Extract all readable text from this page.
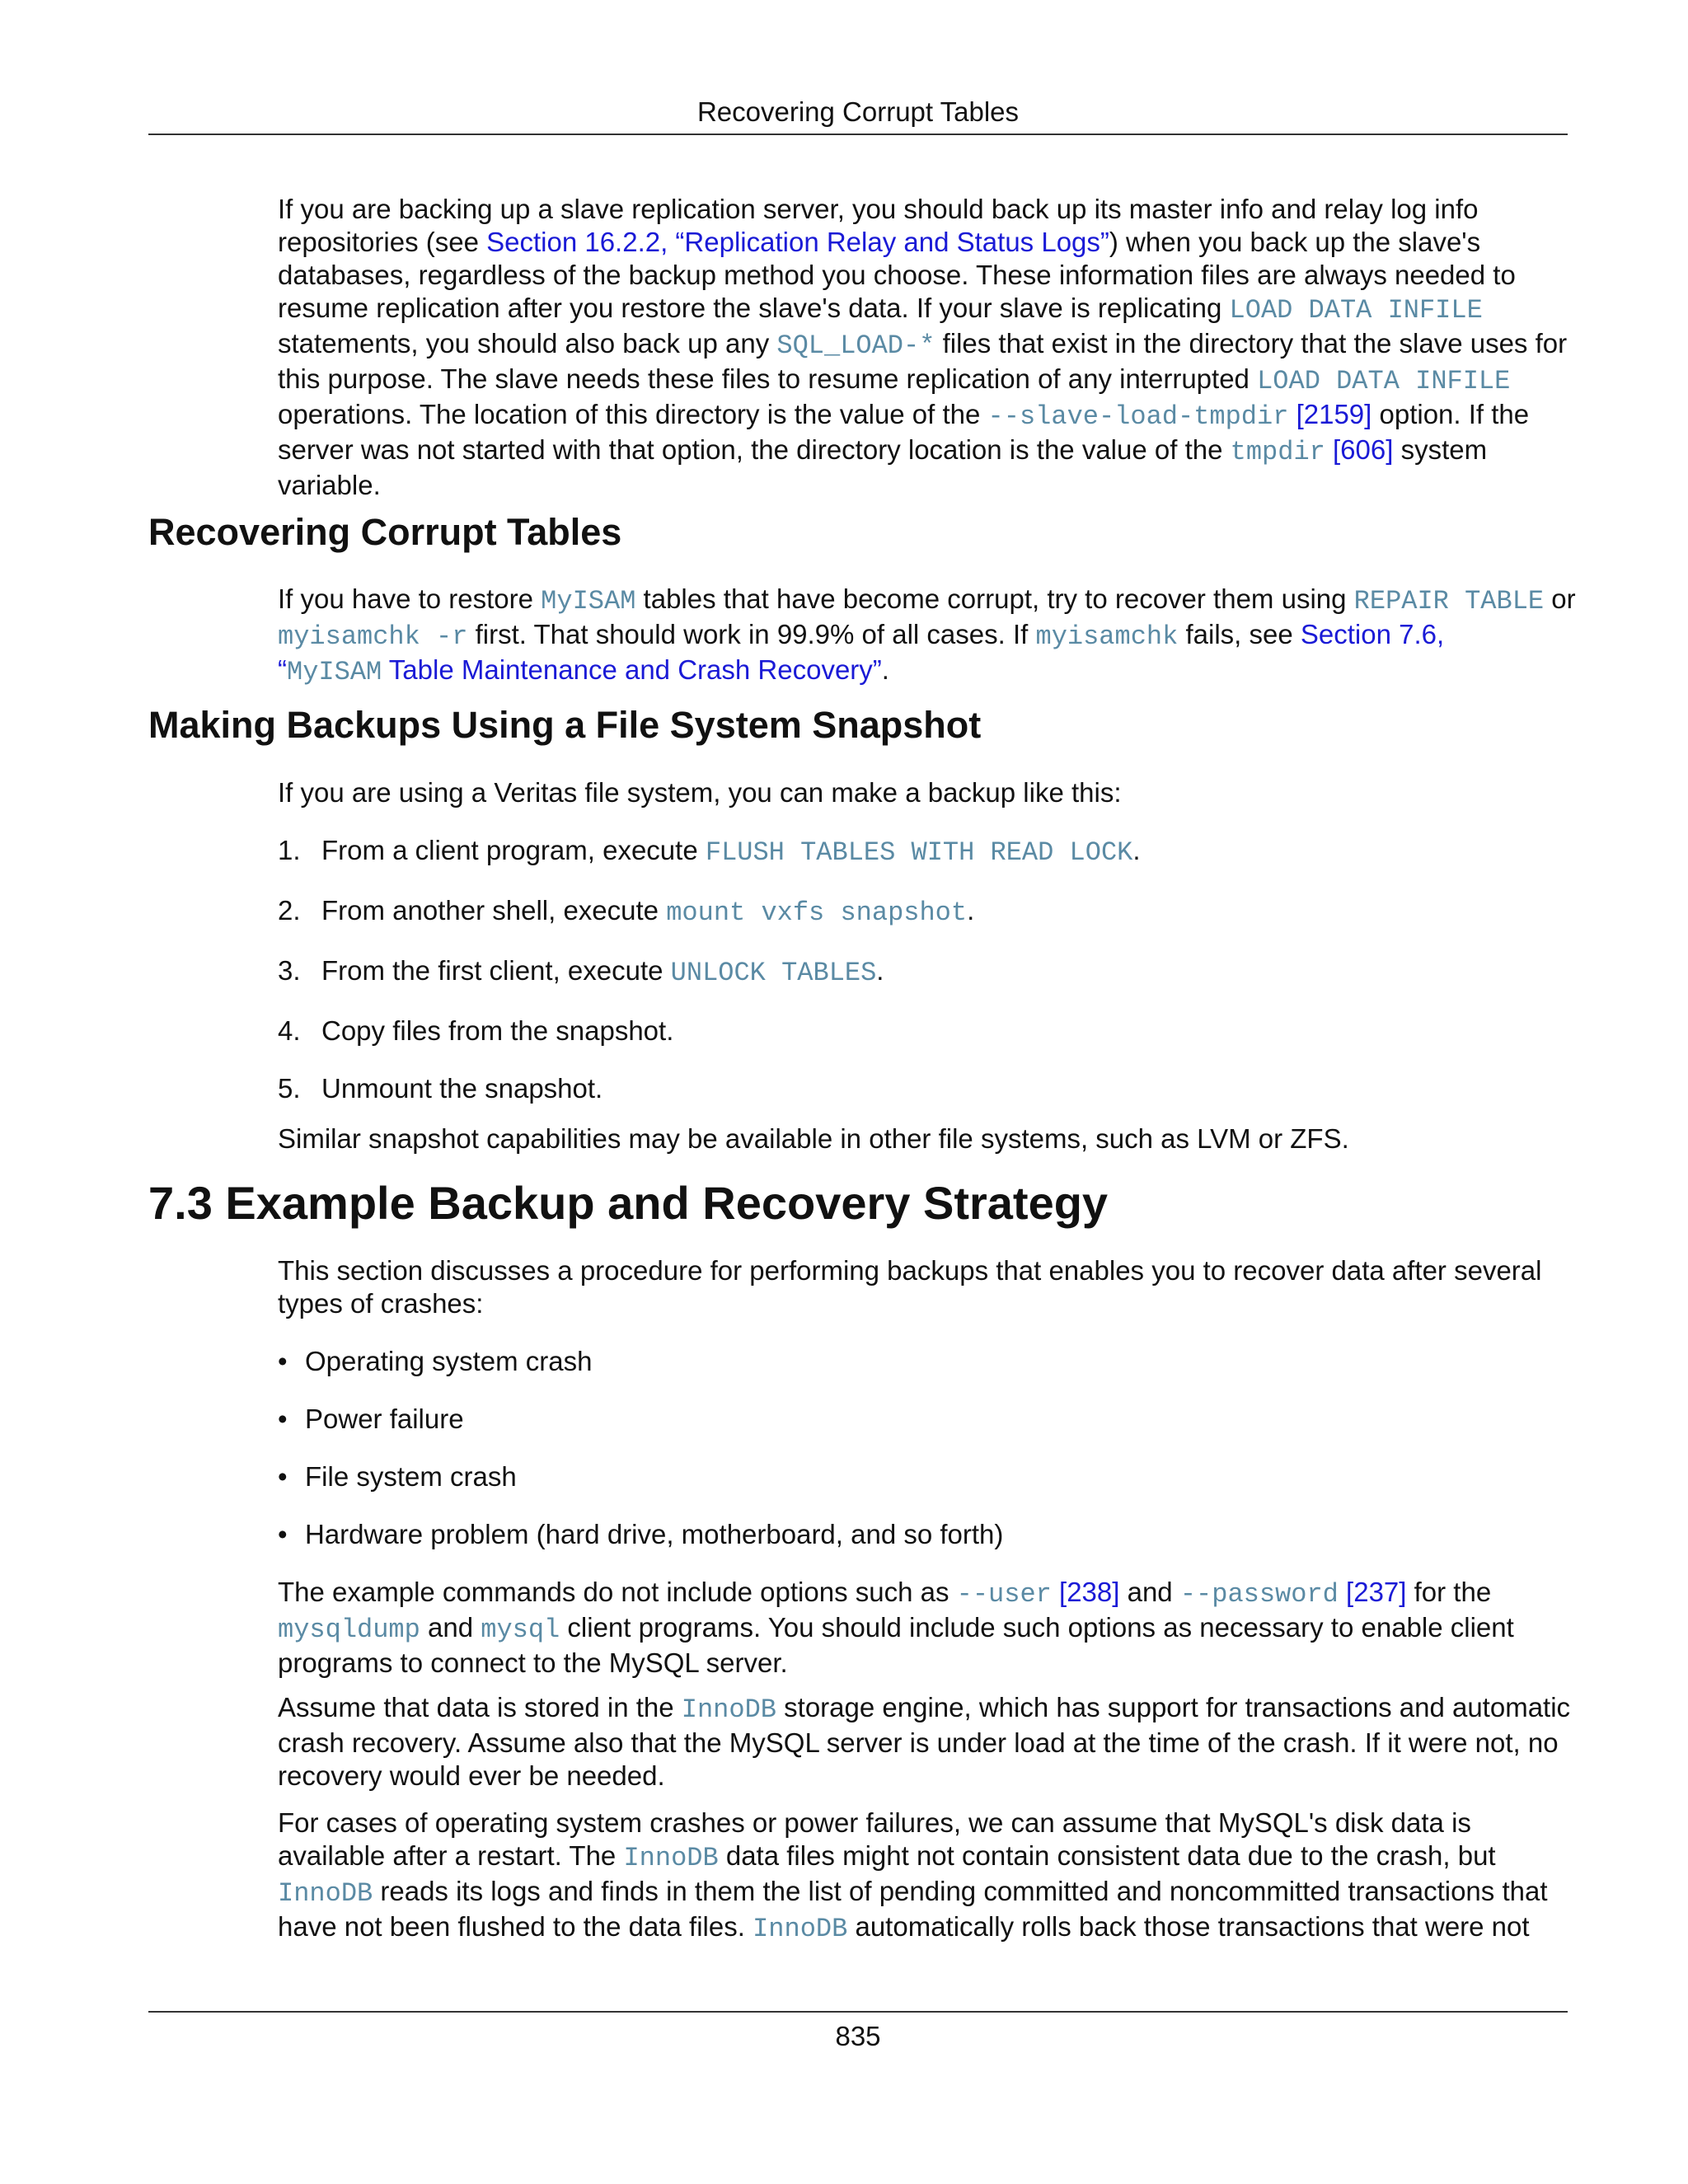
Recovering Corrupt Tables

If you are backing up a slave replication server, you should back up its master info and relay log info repositories (see Section 16.2.2, “Replication Relay and Status Logs”) when you back up the slave's databases, regardless of the backup method you choose. These information files are always needed to resume replication after you restore the slave's data. If your slave is replicating LOAD DATA INFILE statements, you should also back up any SQL_LOAD-* files that exist in the directory that the slave uses for this purpose. The slave needs these files to resume replication of any interrupted LOAD DATA INFILE operations. The location of this directory is the value of the --slave-load-tmpdir [2159] option. If the server was not started with that option, the directory location is the value of the tmpdir [606] system variable.

Recovering Corrupt Tables

If you have to restore MyISAM tables that have become corrupt, try to recover them using REPAIR TABLE or myisamchk -r first. That should work in 99.9% of all cases. If myisamchk fails, see Section 7.6,
“MyISAM Table Maintenance and Crash Recovery”.

Making Backups Using a File System Snapshot

If you are using a Veritas file system, you can make a backup like this:

1. From a client program, execute FLUSH TABLES WITH READ LOCK.
2. From another shell, execute mount vxfs snapshot.
3. From the first client, execute UNLOCK TABLES.
4. Copy files from the snapshot.
5. Unmount the snapshot.

Similar snapshot capabilities may be available in other file systems, such as LVM or ZFS.

7.3 Example Backup and Recovery Strategy

This section discusses a procedure for performing backups that enables you to recover data after several types of crashes:

• Operating system crash
• Power failure
• File system crash
• Hardware problem (hard drive, motherboard, and so forth)

The example commands do not include options such as --user [238] and --password [237] for the mysqldump and mysql client programs. You should include such options as necessary to enable client programs to connect to the MySQL server.

Assume that data is stored in the InnoDB storage engine, which has support for transactions and automatic crash recovery. Assume also that the MySQL server is under load at the time of the crash. If it were not, no recovery would ever be needed.

For cases of operating system crashes or power failures, we can assume that MySQL's disk data is available after a restart. The InnoDB data files might not contain consistent data due to the crash, but InnoDB reads its logs and finds in them the list of pending committed and noncommitted transactions that have not been flushed to the data files. InnoDB automatically rolls back those transactions that were not

835
